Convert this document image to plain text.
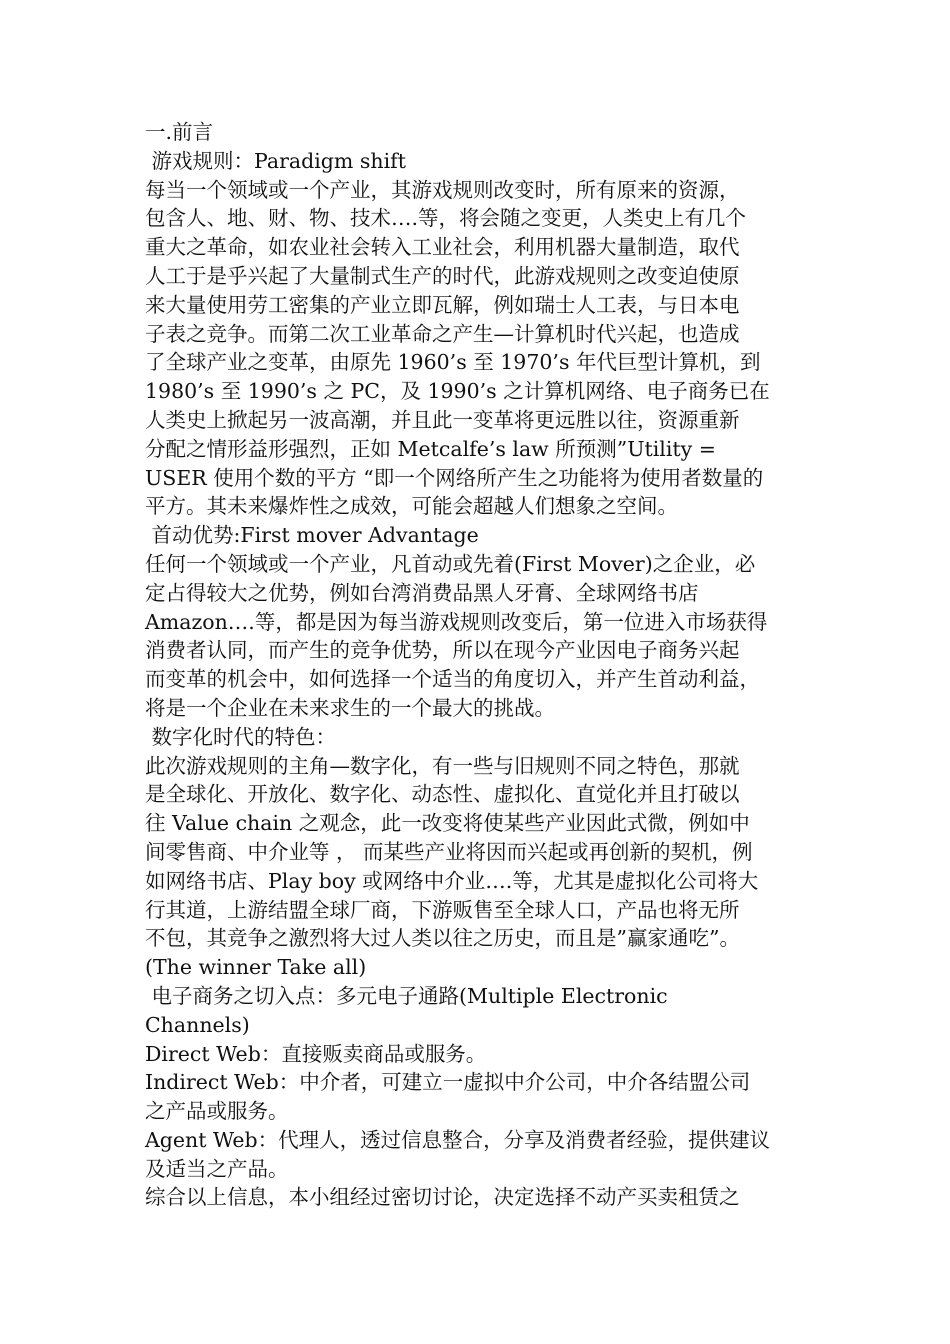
一.前言
游戏规则：Paradigm shift
每当一个领域或一个产业，其游戏规则改变时，所有原来的资源，
包含人、地、财、物、技术….等，将会随之变更，人类史上有几个
重大之革命，如农业社会转入工业社会，利用机器大量制造，取代
人工于是乎兴起了大量制式生产的时代，此游戏规则之改变迫使原
来大量使用劳工密集的产业立即瓦解，例如瑞士人工表，与日本电
子表之竞争。而第二次工业革命之产生—计算机时代兴起，也造成
了全球产业之变革，由原先 1960’s 至 1970’s 年代巨型计算机，到
1980’s 至 1990’s 之 PC，及 1990’s 之计算机网络、电子商务已在
人类史上掀起另一波高潮，并且此一变革将更远胜以往，资源重新
分配之情形益形强烈，正如 Metcalfe’s law 所预测”Utility =
USER 使用个数的平方 “即一个网络所产生之功能将为使用者数量的
平方。其未来爆炸性之成效，可能会超越人们想象之空间。
首动优势:First mover Advantage
任何一个领域或一个产业，凡首动或先着(First Mover)之企业，必
定占得较大之优势，例如台湾消费品黑人牙膏、全球网络书店
Amazon….等，都是因为每当游戏规则改变后，第一位进入市场获得
消费者认同，而产生的竞争优势，所以在现今产业因电子商务兴起
而变革的机会中，如何选择一个适当的角度切入，并产生首动利益，
将是一个企业在未来求生的一个最大的挑战。
数字化时代的特色：
此次游戏规则的主角—数字化，有一些与旧规则不同之特色，那就
是全球化、开放化、数字化、动态性、虚拟化、直觉化并且打破以
往 Value chain 之观念，此一改变将使某些产业因此式微，例如中
间零售商、中介业等 ， 而某些产业将因而兴起或再创新的契机，例
如网络书店、Play boy 或网络中介业….等，尤其是虚拟化公司将大
行其道，上游结盟全球厂商，下游贩售至全球人口，产品也将无所
不包，其竞争之激烈将大过人类以往之历史，而且是”赢家通吃”。
(The winner Take all)
电子商务之切入点：多元电子通路(Multiple Electronic
Channels)
Direct Web：直接贩卖商品或服务。
Indirect Web：中介者，可建立一虚拟中介公司，中介各结盟公司
之产品或服务。
Agent Web：代理人，透过信息整合，分享及消费者经验，提供建议
及适当之产品。
综合以上信息，本小组经过密切讨论，决定选择不动产买卖租赁之
